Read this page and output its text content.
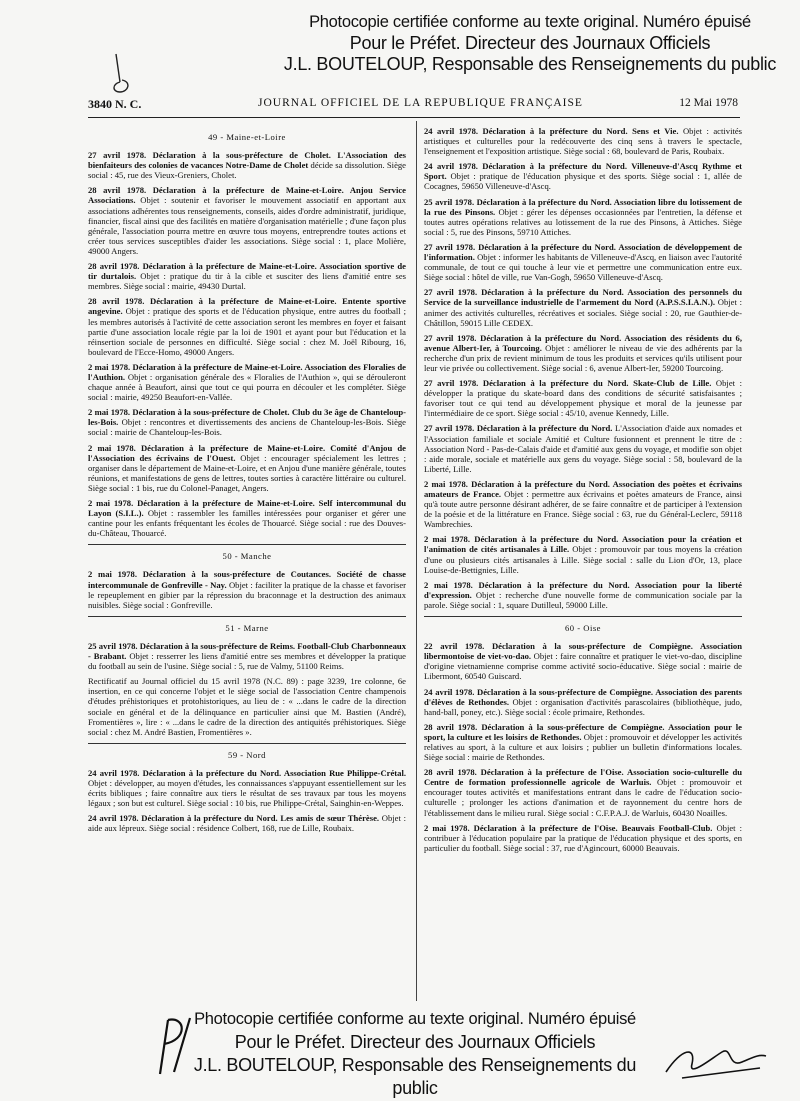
Photocopie certifiée conforme au texte original. Numéro épuisé
Pour le Préfet. Directeur des Journaux Officiels
J.L. BOUTELOUP, Responsable des Renseignements du public
3840 N. C.	JOURNAL OFFICIEL DE LA REPUBLIQUE FRANÇAISE	12 Mai 1978
49 - Maine-et-Loire

27 avril 1978. Déclaration à la sous-préfecture de Cholet. L'Association des bienfaiteurs des colonies de vacances Notre-Dame de Cholet décide sa dissolution. Siège social : 45, rue des Vieux-Greniers, Cholet.

28 avril 1978. Déclaration à la préfecture de Maine-et-Loire. Anjou Service Associations. Objet : soutenir et favoriser le mouvement associatif en apportant aux associations adhérentes tous renseignements, conseils, aides d'ordre administratif, juridique, financier, fiscal ainsi que des facilités en matière d'organisation matérielle ; d'une façon plus générale, l'association pourra mettre en œuvre tous moyens, entreprendre toutes actions et créer tous services susceptibles d'aider les associations. Siège social : 1, place Molière, 49000 Angers.

28 avril 1978. Déclaration à la préfecture de Maine-et-Loire. Association sportive de tir durtalois. Objet : pratique du tir à la cible et susciter des liens d'amitié entre ses membres. Siège social : mairie, 49430 Durtal.

28 avril 1978. Déclaration à la préfecture de Maine-et-Loire. Entente sportive angevine. Objet : pratique des sports et de l'éducation physique, entre autres du football ; les membres autorisés à l'activité de cette association seront les membres en foyer et faisant partie d'une association locale régie par la loi de 1901 et ayant pour but l'éducation et la réinsertion sociale de personnes en difficulté. Siège social : chez M. Joël Ribourg, 16, boulevard de l'Ecce-Homo, 49000 Angers.

2 mai 1978. Déclaration à la préfecture de Maine-et-Loire. Association des Floralies de l'Authion. Objet : organisation générale des « Floralies de l'Authion », qui se dérouleront chaque année à Beaufort, ainsi que tout ce qui pourra en découler et les compléter. Siège social : mairie, 49250 Beaufort-en-Vallée.

2 mai 1978. Déclaration à la sous-préfecture de Cholet. Club du 3e âge de Chanteloup-les-Bois. Objet : rencontres et divertissements des anciens de Chanteloup-les-Bois. Siège social : mairie de Chanteloup-les-Bois.

2 mai 1978. Déclaration à la préfecture de Maine-et-Loire. Comité d'Anjou de l'Association des écrivains de l'Ouest. Objet : encourager spécialement les lettres ; organiser dans le département de Maine-et-Loire, et en Anjou d'une manière générale, toutes réunions, et manifestations de gens de lettres, toutes sorties à caractère littéraire ou culturel. Siège social : 1 bis, rue du Colonel-Panaget, Angers.

2 mai 1978. Déclaration à la préfecture de Maine-et-Loire. Self intercommunal du Layon (S.I.L.). Objet : rassembler les familles intéressées pour organiser et gérer une cantine pour les enfants fréquentant les écoles de Thouarcé. Siège social : rue des Douves-du-Château, Thouarcé.

50 - Manche

2 mai 1978. Déclaration à la sous-préfecture de Coutances. Société de chasse intercommunale de Gonfreville - Nay. Objet : faciliter la pratique de la chasse et favoriser le repeuplement en gibier par la répression du braconnage et la destruction des animaux nuisibles. Siège social : Gonfreville.

51 - Marne

25 avril 1978. Déclaration à la sous-préfecture de Reims. Football-Club Charbonneaux - Brabant. Objet : resserrer les liens d'amitié entre ses membres et développer la pratique du football au sein de l'usine. Siège social : 5, rue de Valmy, 51100 Reims.

Rectificatif au Journal officiel du 15 avril 1978 (N.C. 89) : page 3239, 1re colonne, 6e insertion, en ce qui concerne l'objet et le siège social de l'association Centre champenois d'études préhistoriques et protohistoriques, au lieu de : « ...dans le cadre de la direction sociale en général et de la délinquance en particulier ainsi que M. Bastien (André), Fromentières », lire : « ...dans le cadre de la direction des antiquités préhistoriques. Siège social : chez M. André Bastien, Fromentières ».

59 - Nord

24 avril 1978. Déclaration à la préfecture du Nord. Association Rue Philippe-Crétal. Objet : développer, au moyen d'études, les connaissances s'appuyant essentiellement sur les écrits bibliques ; faire connaître aux tiers le résultat de ses travaux par tous les moyens légaux ; son but est culturel. Siège social : 10 bis, rue Philippe-Crétal, Sainghin-en-Weppes.

24 avril 1978. Déclaration à la préfecture du Nord. Les amis de sœur Thérèse. Objet : aide aux lépreux. Siège social : résidence Colbert, 168, rue de Lille, Roubaix.

24 avril 1978. Déclaration à la préfecture du Nord. Sens et Vie. Objet : activités artistiques et culturelles pour la redécouverte des cinq sens à travers le spectacle, l'enseignement et l'exposition artistique. Siège social : 68, boulevard de Paris, Roubaix.

24 avril 1978. Déclaration à la préfecture du Nord. Villeneuve-d'Ascq Rythme et Sport. Objet : pratique de l'éducation physique et des sports. Siège social : 1, allée de Cocagnes, 59650 Villeneuve-d'Ascq.

25 avril 1978. Déclaration à la préfecture du Nord. Association libre du lotissement de la rue des Pinsons. Objet : gérer les dépenses occasionnées par l'entretien, la défense et toutes autres opérations relatives au lotissement de la rue des Pinsons, à Attiches. Siège social : 5, rue des Pinsons, 59710 Attiches.

27 avril 1978. Déclaration à la préfecture du Nord. Association de développement de l'information. Objet : informer les habitants de Villeneuve-d'Ascq, en liaison avec l'autorité communale, de tout ce qui touche à leur vie et permettre une communication entre eux. Siège social : hôtel de ville, rue Van-Gogh, 59650 Villeneuve-d'Ascq.

27 avril 1978. Déclaration à la préfecture du Nord. Association des personnels du Service de la surveillance industrielle de l'armement du Nord (A.P.S.S.I.A.N.). Objet : animer des activités culturelles, récréatives et sociales. Siège social : 20, rue Gauthier-de-Châtillon, 59015 Lille CEDEX.

27 avril 1978. Déclaration à la préfecture du Nord. Association des résidents du 6, avenue Albert-Ier, à Tourcoing. Objet : améliorer le niveau de vie des adhérents par la recherche d'un prix de revient minimum de tous les produits et services qu'ils utilisent pour leur vie privée ou collectivement. Siège social : 6, avenue Albert-Ier, 59200 Tourcoing.

27 avril 1978. Déclaration à la préfecture du Nord. Skate-Club de Lille. Objet : développer la pratique du skate-board dans des conditions de sécurité satisfaisantes ; favoriser tout ce qui tend au développement physique et moral de la jeunesse par l'intermédiaire de ce sport. Siège social : 45/10, avenue Kennedy, Lille.

27 avril 1978. Déclaration à la préfecture du Nord. L'Association d'aide aux nomades et l'Association familiale et sociale Amitié et Culture fusionnent et prennent le titre de : Association Nord - Pas-de-Calais d'aide et d'amitié aux gens du voyage, et modifie son objet : aide morale, sociale et matérielle aux gens du voyage. Siège social : 58, boulevard de la Liberté, Lille.

2 mai 1978. Déclaration à la préfecture du Nord. Association des poètes et écrivains amateurs de France. Objet : permettre aux écrivains et poètes amateurs de France, ainsi qu'à toute autre personne désirant adhérer, de se faire connaître et de participer à l'extension de la poésie et de la littérature en France. Siège social : 63, rue du Général-Leclerc, 59118 Wambrechies.

2 mai 1978. Déclaration à la préfecture du Nord. Association pour la création et l'animation de cités artisanales à Lille. Objet : promouvoir par tous moyens la création d'une ou plusieurs cités artisanales à Lille. Siège social : salle du Lion d'Or, 13, place Louise-de-Bettignies, Lille.

2 mai 1978. Déclaration à la préfecture du Nord. Association pour la liberté d'expression. Objet : recherche d'une nouvelle forme de communication sociale par la parole. Siège social : 1, square Dutilleul, 59000 Lille.

60 - Oise

22 avril 1978. Déclaration à la sous-préfecture de Compiègne. Association libermontoise de viet-vo-dao. Objet : faire connaître et pratiquer le viet-vo-dao, discipline d'origine vietnamienne comprise comme activité socio-éducative. Siège social : mairie de Libermont, 60540 Guiscard.

24 avril 1978. Déclaration à la sous-préfecture de Compiègne. Association des parents d'élèves de Rethondes. Objet : organisation d'activités parascolaires (bibliothèque, judo, hand-ball, poney, etc.). Siège social : école primaire, Rethondes.

28 avril 1978. Déclaration à la sous-préfecture de Compiègne. Association pour le sport, la culture et les loisirs de Rethondes. Objet : promouvoir et développer les activités relatives au sport, à la culture et aux loisirs ; publier un bulletin d'informations locales. Siège social : mairie de Rethondes.

28 avril 1978. Déclaration à la préfecture de l'Oise. Association socio-culturelle du Centre de formation professionnelle agricole de Warluis. Objet : promouvoir et encourager toutes activités et manifestations entrant dans le cadre de l'éducation socio-culturelle ; prolonger les actions d'animation et de rayonnement du centre hors de l'établissement dans le milieu rural. Siège social : C.F.P.A.J. de Warluis, 60430 Noailles.

2 mai 1978. Déclaration à la préfecture de l'Oise. Beauvais Football-Club. Objet : contribuer à l'éducation populaire par la pratique de l'éducation physique et des sports, en particulier du football. Siège social : 37, rue d'Agincourt, 60000 Beauvais.

Photocopie certifiée conforme au texte original. Numéro épuisé
Pour le Préfet. Directeur des Journaux Officiels
J.L. BOUTELOUP, Responsable des Renseignements du public
